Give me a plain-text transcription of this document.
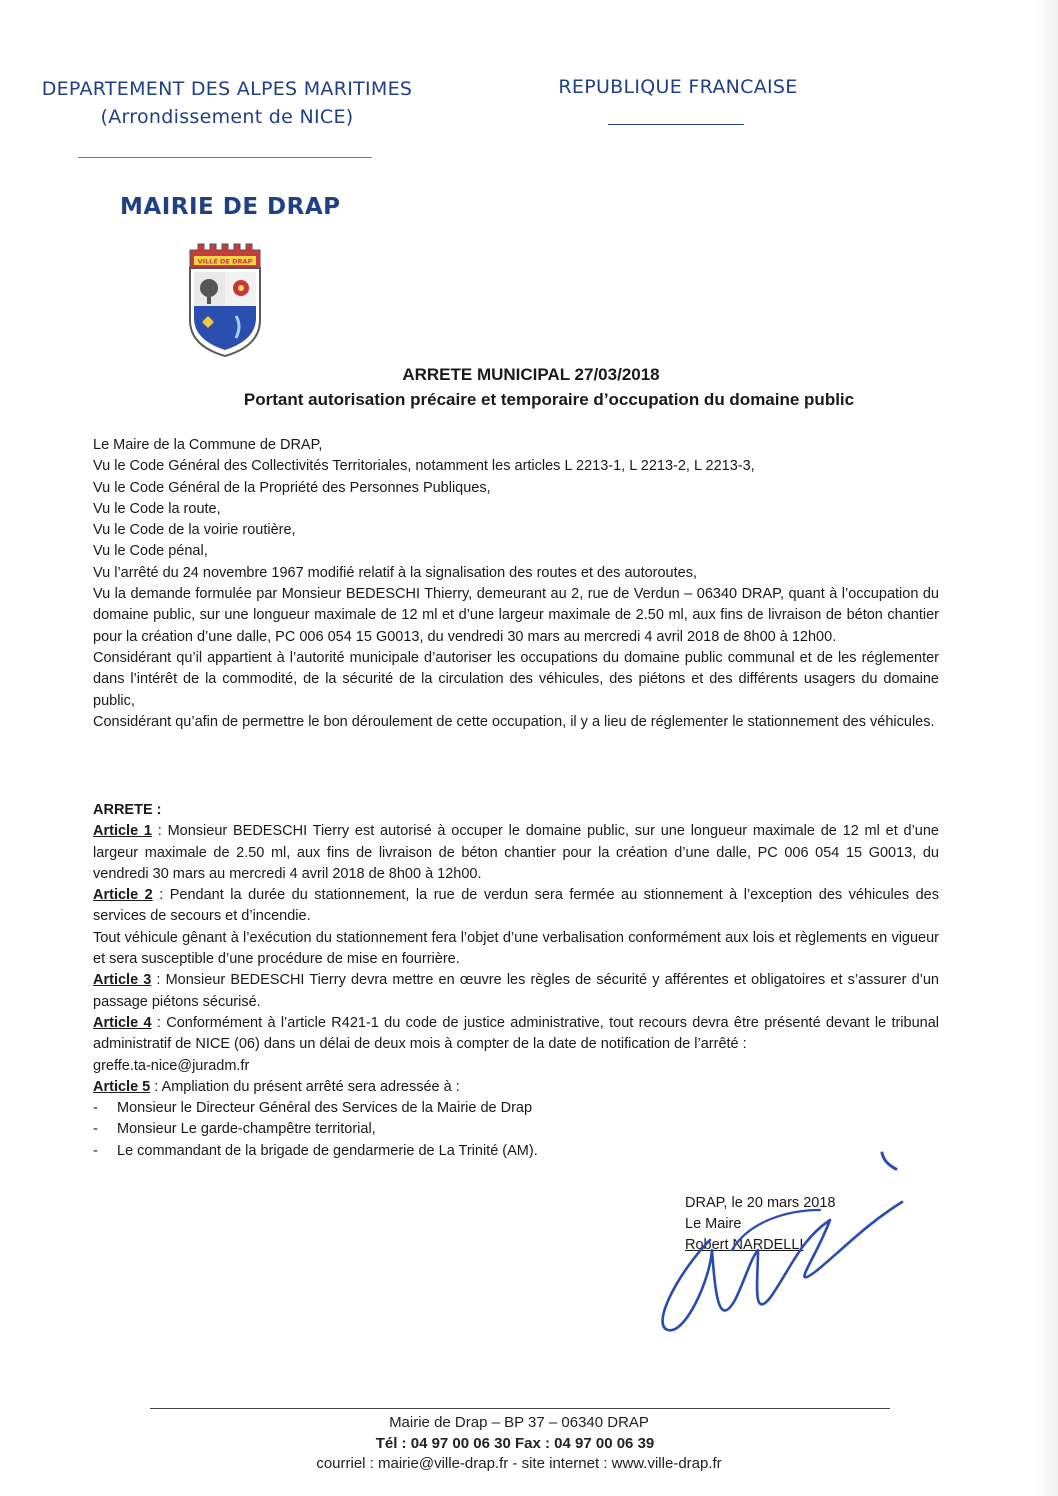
DEPARTEMENT DES ALPES MARITIMES
(Arrondissement de NICE)
REPUBLIQUE FRANCAISE
MAIRIE DE DRAP
VILLE DE DRAP
ARRETE MUNICIPAL 27/03/2018
Portant autorisation précaire et temporaire d’occupation du domaine public

Le Maire de la Commune de DRAP,

Vu le Code Général des Collectivités Territoriales, notamment les articles L 2213-1, L 2213-2, L 2213-3,

Vu le Code Général de la Propriété des Personnes Publiques,

Vu le Code la route,

Vu le Code de la voirie routière,

Vu le Code pénal,

Vu l’arrêté du 24 novembre 1967 modifié relatif à la signalisation des routes et des autoroutes,

Vu la demande formulée par Monsieur BEDESCHI Thierry, demeurant au 2, rue de Verdun – 06340 DRAP, quant à l’occupation du domaine public, sur une longueur maximale de 12 ml et d’une largeur maximale de 2.50 ml, aux fins de livraison de béton chantier pour la création d’une dalle, PC 006 054 15 G0013, du vendredi 30 mars au mercredi 4 avril 2018 de 8h00 à 12h00.

Considérant qu’il appartient à l’autorité municipale d’autoriser les occupations du domaine public communal et de les réglementer dans l’intérêt de la commodité, de la sécurité de la circulation des véhicules, des piétons et des différents usagers du domaine public,

Considérant qu’afin de permettre le bon déroulement de cette occupation, il y a lieu de réglementer le stationnement des véhicules.

ARRETE :

Article 1 : Monsieur BEDESCHI Tierry est autorisé à occuper le domaine public, sur une longueur maximale de 12 ml et d’une largeur maximale de 2.50 ml, aux fins de livraison de béton chantier pour la création d’une dalle, PC 006 054 15 G0013, du vendredi 30 mars au mercredi 4 avril 2018 de 8h00 à 12h00.

Article 2 : Pendant la durée du stationnement, la rue de verdun sera fermée au stionnement à l’exception des véhicules des services de secours et d’incendie.

Tout véhicule gênant à l’exécution du stationnement fera l’objet d’une verbalisation conformément aux lois et règlements en vigueur et sera susceptible d’une procédure de mise en fourrière.

Article 3 : Monsieur BEDESCHI Tierry devra mettre en œuvre les règles de sécurité y afférentes et obligatoires et s’assurer d’un passage piétons sécurisé.

Article 4 : Conformément à l’article R421-1 du code de justice administrative, tout recours devra être présenté devant le tribunal administratif de NICE (06) dans un délai de deux mois à compter de la date de notification de l’arrêté :

greffe.ta-nice@juradm.fr

Article 5 : Ampliation du présent arrêté sera adressée à :

- Monsieur le Directeur Général des Services de la Mairie de Drap
- Monsieur Le garde-champêtre territorial,
- Le commandant de la brigade de gendarmerie de La Trinité (AM).
DRAP, le 20 mars 2018
Le Maire
Robert NARDELLI
Mairie de Drap – BP 37 – 06340 DRAP
Tél : 04 97 00 06 30 Fax : 04 97 00 06 39
courriel : mairie@ville-drap.fr - site internet : www.ville-drap.fr
